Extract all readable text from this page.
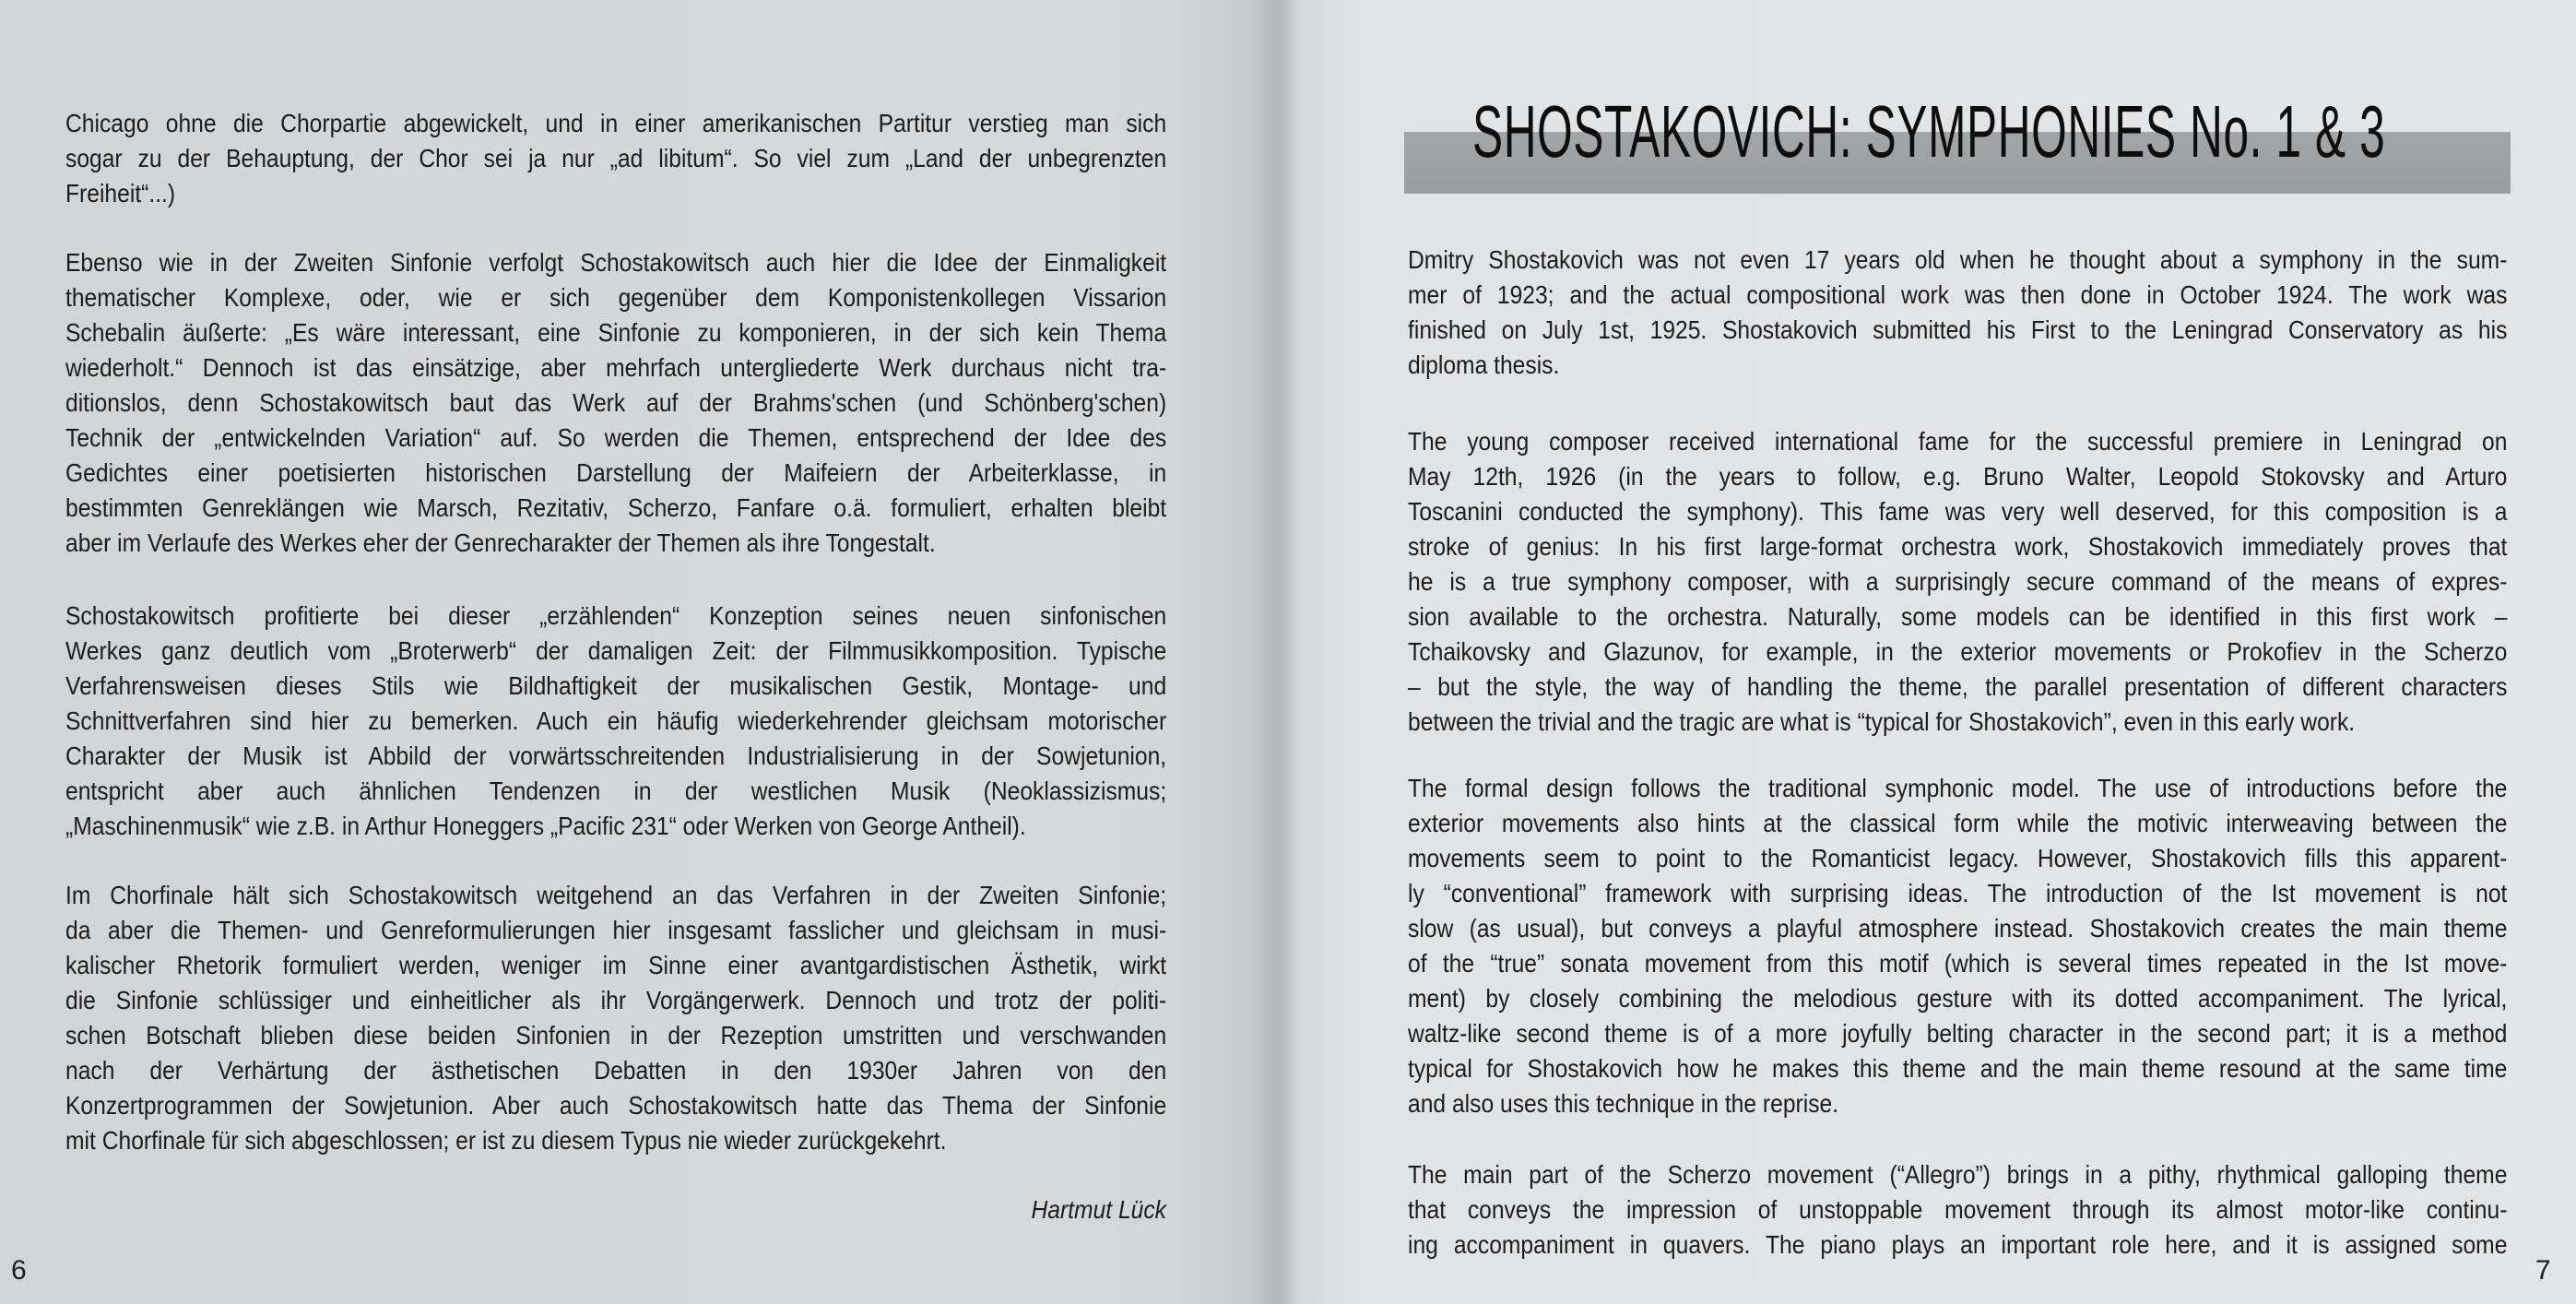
SHOSTAKOVICH: SYMPHONIES No. 1 & 3
Hartmut Lück
6	7
Chicago ohne die Chorpartie abgewickelt, und in einer amerikanischen Partitur verstieg man sich
sogar zu der Behauptung, der Chor sei ja nur „ad libitum“. So viel zum „Land der unbegrenzten
Freiheit“...)
Ebenso wie in der Zweiten Sinfonie verfolgt Schostakowitsch auch hier die Idee der Einmaligkeit
thematischer Komplexe, oder, wie er sich gegenüber dem Komponistenkollegen Vissarion
Schebalin äußerte: „Es wäre interessant, eine Sinfonie zu komponieren, in der sich kein Thema
wiederholt.“ Dennoch ist das einsätzige, aber mehrfach untergliederte Werk durchaus nicht tra-
ditionslos, denn Schostakowitsch baut das Werk auf der Brahms'schen (und Schönberg'schen)
Technik der „entwickelnden Variation“ auf. So werden die Themen, entsprechend der Idee des
Gedichtes einer poetisierten historischen Darstellung der Maifeiern der Arbeiterklasse, in
bestimmten Genreklängen wie Marsch, Rezitativ, Scherzo, Fanfare o.ä. formuliert, erhalten bleibt
aber im Verlaufe des Werkes eher der Genrecharakter der Themen als ihre Tongestalt.
Schostakowitsch profitierte bei dieser „erzählenden“ Konzeption seines neuen sinfonischen
Werkes ganz deutlich vom „Broterwerb“ der damaligen Zeit: der Filmmusikkomposition. Typische
Verfahrensweisen dieses Stils wie Bildhaftigkeit der musikalischen Gestik, Montage- und
Schnittverfahren sind hier zu bemerken. Auch ein häufig wiederkehrender gleichsam motorischer
Charakter der Musik ist Abbild der vorwärtsschreitenden Industrialisierung in der Sowjetunion,
entspricht aber auch ähnlichen Tendenzen in der westlichen Musik (Neoklassizismus;
„Maschinenmusik“ wie z.B. in Arthur Honeggers „Pacific 231“ oder Werken von George Antheil).
Im Chorfinale hält sich Schostakowitsch weitgehend an das Verfahren in der Zweiten Sinfonie;
da aber die Themen- und Genreformulierungen hier insgesamt fasslicher und gleichsam in musi-
kalischer Rhetorik formuliert werden, weniger im Sinne einer avantgardistischen Ästhetik, wirkt
die Sinfonie schlüssiger und einheitlicher als ihr Vorgängerwerk. Dennoch und trotz der politi-
schen Botschaft blieben diese beiden Sinfonien in der Rezeption umstritten und verschwanden
nach der Verhärtung der ästhetischen Debatten in den 1930er Jahren von den
Konzertprogrammen der Sowjetunion. Aber auch Schostakowitsch hatte das Thema der Sinfonie
mit Chorfinale für sich abgeschlossen; er ist zu diesem Typus nie wieder zurückgekehrt.
Dmitry Shostakovich was not even 17 years old when he thought about a symphony in the sum-
mer of 1923; and the actual compositional work was then done in October 1924. The work was
finished on July 1st, 1925. Shostakovich submitted his First to the Leningrad Conservatory as his
diploma thesis.
The young composer received international fame for the successful premiere in Leningrad on
May 12th, 1926 (in the years to follow, e.g. Bruno Walter, Leopold Stokovsky and Arturo
Toscanini conducted the symphony). This fame was very well deserved, for this composition is a
stroke of genius: In his first large-format orchestra work, Shostakovich immediately proves that
he is a true symphony composer, with a surprisingly secure command of the means of expres-
sion available to the orchestra. Naturally, some models can be identified in this first work –
Tchaikovsky and Glazunov, for example, in the exterior movements or Prokofiev in the Scherzo
– but the style, the way of handling the theme, the parallel presentation of different characters
between the trivial and the tragic are what is “typical for Shostakovich”, even in this early work.
The formal design follows the traditional symphonic model. The use of introductions before the
exterior movements also hints at the classical form while the motivic interweaving between the
movements seem to point to the Romanticist legacy. However, Shostakovich fills this apparent-
ly “conventional” framework with surprising ideas. The introduction of the Ist movement is not
slow (as usual), but conveys a playful atmosphere instead. Shostakovich creates the main theme
of the “true” sonata movement from this motif (which is several times repeated in the Ist move-
ment) by closely combining the melodious gesture with its dotted accompaniment. The lyrical,
waltz-like second theme is of a more joyfully belting character in the second part; it is a method
typical for Shostakovich how he makes this theme and the main theme resound at the same time
and also uses this technique in the reprise.
The main part of the Scherzo movement (“Allegro”) brings in a pithy, rhythmical galloping theme
that conveys the impression of unstoppable movement through its almost motor-like continu-
ing accompaniment in quavers. The piano plays an important role here, and it is assigned some
